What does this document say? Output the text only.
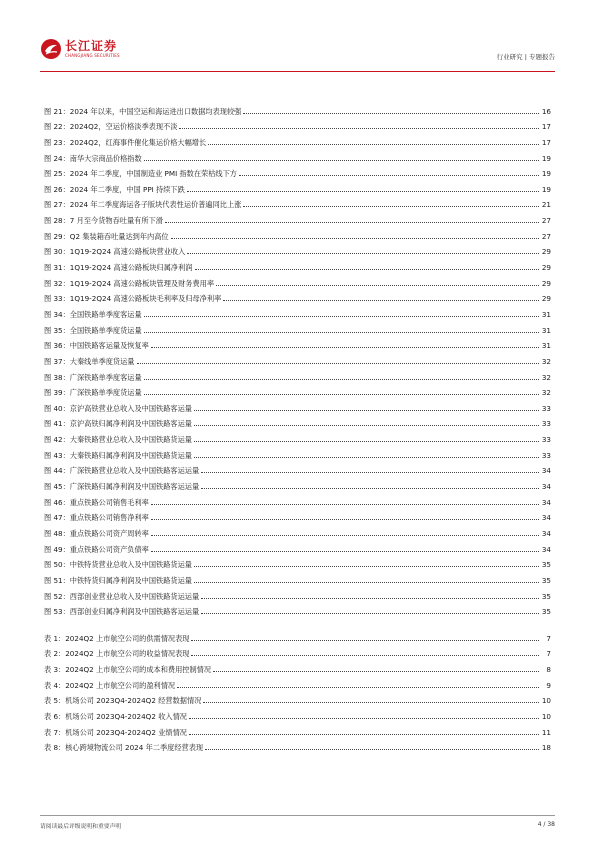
长江证券
CHANGJIANG SECURITIES	行业研究 | 专题报告
图 21：2024 年以来，中国空运和海运进出口数据均表现较强	16
图 22：2024Q2，空运价格淡季表现不淡	17
图 23：2024Q2，红海事件催化集运价格大幅增长	17
图 24：南华大宗商品价格指数	19
图 25：2024 年二季度，中国制造业 PMI 指数在荣枯线下方	19
图 26：2024 年二季度，中国 PPI 持续下跌	19
图 27：2024 年二季度海运各子版块代表性运价普遍同比上涨	21
图 28：7 月至今货物吞吐量有所下滑	27
图 29：Q2 集装箱吞吐量达到年内高位	27
图 30：1Q19-2Q24 高速公路板块营业收入	29
图 31：1Q19-2Q24 高速公路板块归属净利润	29
图 32：1Q19-2Q24 高速公路板块管理及财务费用率	29
图 33：1Q19-2Q24 高速公路板块毛利率及归母净利率	29
图 34：全国铁路单季度客运量	31
图 35：全国铁路单季度货运量	31
图 36：中国铁路客运量及恢复率	31
图 37：大秦线单季度货运量	32
图 38：广深铁路单季度客运量	32
图 39：广深铁路单季度货运量	32
图 40：京沪高铁营业总收入及中国铁路客运量	33
图 41：京沪高铁归属净利润及中国铁路客运量	33
图 42：大秦铁路营业总收入及中国铁路货运量	33
图 43：大秦铁路归属净利润及中国铁路货运量	33
图 44：广深铁路营业总收入及中国铁路客运运量	34
图 45：广深铁路归属净利润及中国铁路客运运量	34
图 46：重点铁路公司销售毛利率	34
图 47：重点铁路公司销售净利率	34
图 48：重点铁路公司资产周转率	34
图 49：重点铁路公司资产负债率	34
图 50：中铁特货营业总收入及中国铁路货运量	35
图 51：中铁特货归属净利润及中国铁路货运量	35
图 52：西部创业营业总收入及中国铁路货运运量	35
图 53：西部创业归属净利润及中国铁路客运运量	35
表 1：2024Q2 上市航空公司的供需情况表现	7
表 2：2024Q2 上市航空公司的收益情况表现	7
表 3：2024Q2 上市航空公司的成本和费用控制情况	8
表 4：2024Q2 上市航空公司的盈利情况	9
表 5：机场公司 2023Q4-2024Q2 经营数据情况	10
表 6：机场公司 2023Q4-2024Q2 收入情况	10
表 7：机场公司 2023Q4-2024Q2 业绩情况	11
表 8：核心跨境物流公司 2024 年二季度经营表现	18
请阅读最后评级说明和重要声明	4 / 38
